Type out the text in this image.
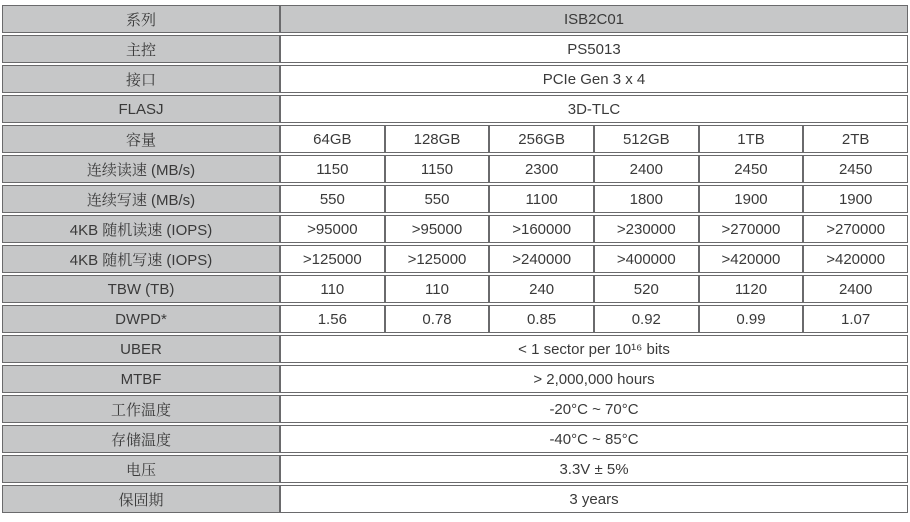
系列	ISB2C01					
主控	PS5013					
接口	PCIe Gen 3 x 4					
FLASJ	3D-TLC					
容量	64GB	128GB	256GB	512GB	1TB	2TB
连续读速 (MB/s)	1150	1150	2300	2400	2450	2450
连续写速 (MB/s)	550	550	1100	1800	1900	1900
4KB 随机读速 (IOPS)	>95000	>95000	>160000	>230000	>270000	>270000
4KB 随机写速 (IOPS)	>125000	>125000	>240000	>400000	>420000	>420000
TBW (TB)	110	110	240	520	1120	2400
DWPD*	1.56	0.78	0.85	0.92	0.99	1.07
UBER	< 1 sector per 10¹⁶ bits					
MTBF	> 2,000,000 hours					
工作温度	-20°C ~ 70°C					
存储温度	-40°C ~ 85°C					
电压	3.3V ± 5%					
保固期	3 years					
